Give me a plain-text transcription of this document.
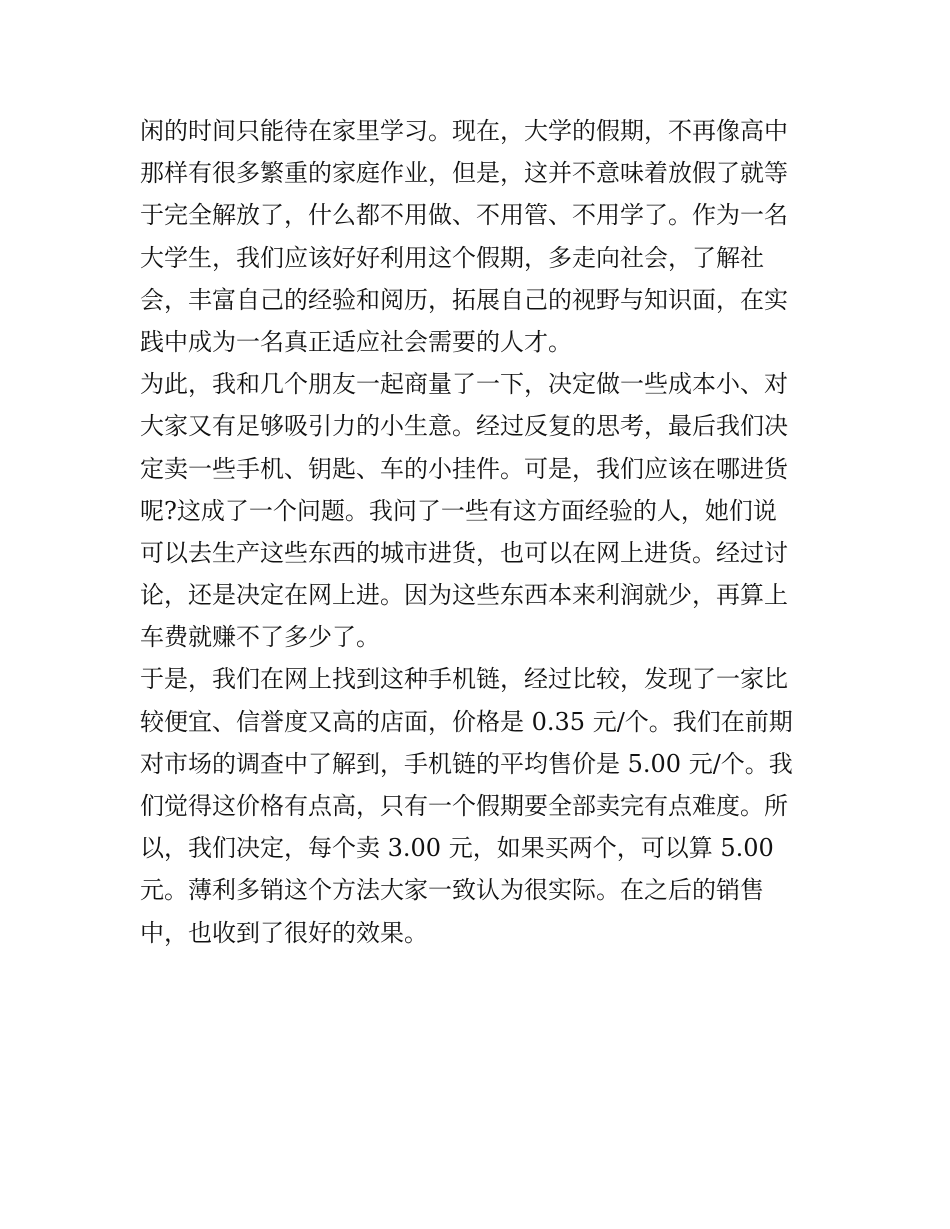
闲的时间只能待在家里学习。现在，大学的假期，不再像高中
那样有很多繁重的家庭作业，但是，这并不意味着放假了就等
于完全解放了，什么都不用做、不用管、不用学了。作为一名
大学生，我们应该好好利用这个假期，多走向社会，了解社
会，丰富自己的经验和阅历，拓展自己的视野与知识面，在实
践中成为一名真正适应社会需要的人才。
为此，我和几个朋友一起商量了一下，决定做一些成本小、对
大家又有足够吸引力的小生意。经过反复的思考，最后我们决
定卖一些手机、钥匙、车的小挂件。可是，我们应该在哪进货
呢?这成了一个问题。我问了一些有这方面经验的人，她们说
可以去生产这些东西的城市进货，也可以在网上进货。经过讨
论，还是决定在网上进。因为这些东西本来利润就少，再算上
车费就赚不了多少了。
于是，我们在网上找到这种手机链，经过比较，发现了一家比
较便宜、信誉度又高的店面，价格是 0.35 元/个。我们在前期
对市场的调查中了解到，手机链的平均售价是 5.00 元/个。我
们觉得这价格有点高，只有一个假期要全部卖完有点难度。所
以，我们决定，每个卖 3.00 元，如果买两个，可以算 5.00
元。薄利多销这个方法大家一致认为很实际。在之后的销售
中，也收到了很好的效果。
